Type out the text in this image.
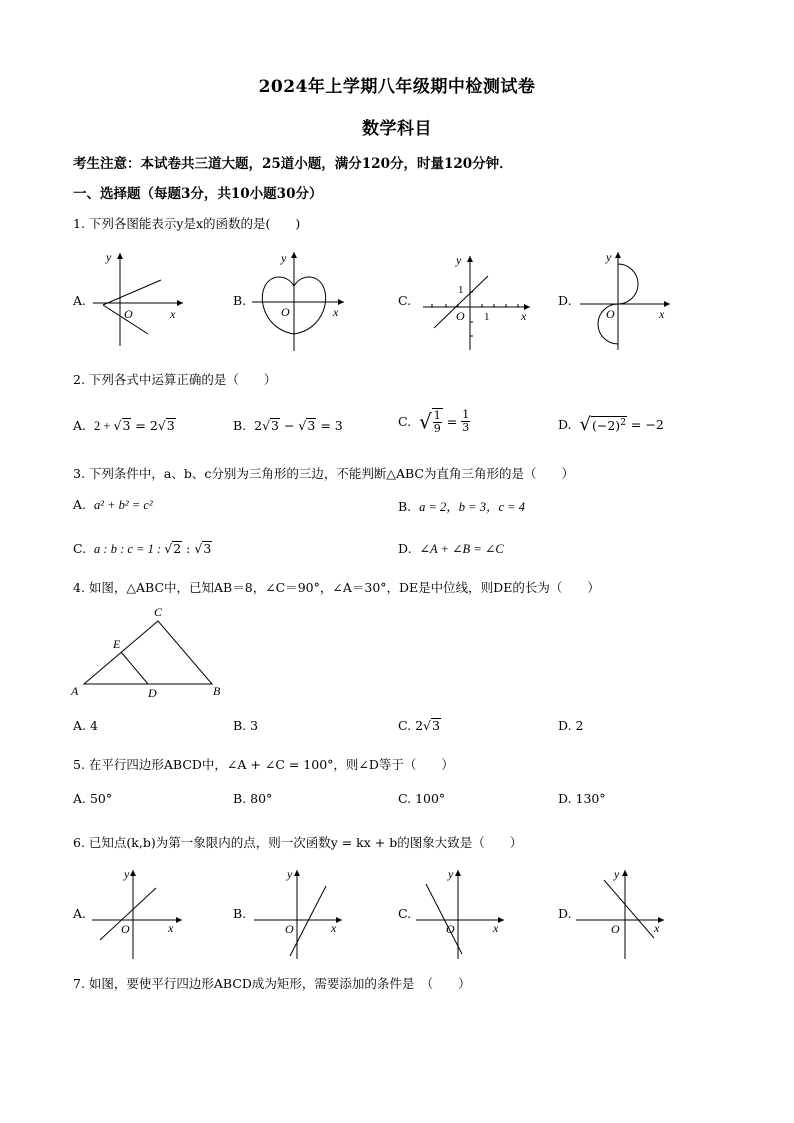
2024年上学期八年级期中检测试卷
数学科目
考生注意：本试卷共三道大题，25道小题，满分120分，时量120分钟．
一、选择题（每题3分，共10小题30分）
1. 下列各图能表示y是x的函数的是(　　)
A.
O	x
y
B.
O	x
y
C.
1
1
O	x
y
D.
O	x
y
2. 下列各式中运算正确的是（　　）
A. 2 + √3 = 2√3	B. 2√3 − √3 = 3	C. √ $\frac{1}{9} = \frac{1}{3}$	D. $√(-2)^2 = -2$
3. 下列条件中，a、b、c分别为三角形的三边，不能判断△ABC为直角三角形的是（　　）
A. a² + b² = c²	B. a = 2，b = 3，c = 4
C. a : b : c = 1 : √2 : √3	D. ∠A + ∠B = ∠C
4. 如图，△ABC中，已知AB＝8，∠C＝90°，∠A＝30°，DE是中位线，则DE的长为（　　）
A	B
C
D
E
A. 4	B. 3	C. 2√3	D. 2
5. 在平行四边形ABCD中，∠A + ∠C = 100°，则∠D等于（　　）
A. 50°	B. 80°	C. 100°	D. 130°
6. 已知点(k,b)为第一象限内的点，则一次函数y = kx + b的图象大致是（　　）
A.
O	x
y
B.
O	x
y
C.
O	x
y
D.
O	x
y
7. 如图，要使平行四边形ABCD成为矩形，需要添加的条件是　（　　）
